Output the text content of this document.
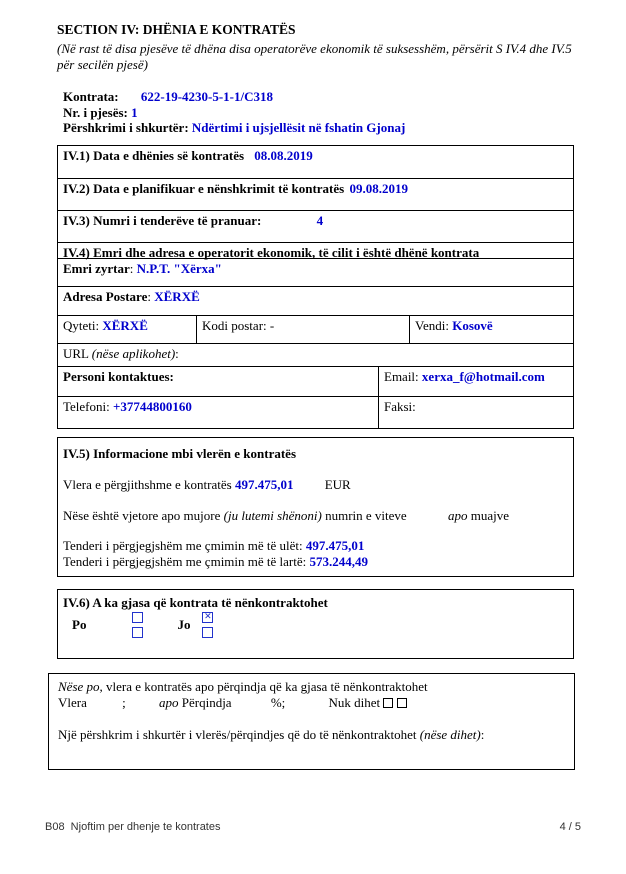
SECTION IV: DHËNIA E KONTRATËS
(Në rast të disa pjesëve të dhëna disa operatorëve ekonomik të suksesshëm, përsërit S IV.4 dhe IV.5 për secilën pjesë)
Kontrata: 622-19-4230-5-1-1/C318
Nr. i pjesës: 1
Përshkrimi i shkurtër: Ndërtimi i ujsjellësit në fshatin Gjonaj
IV.1) Data e dhënies së kontratës 08.08.2019
IV.2) Data e planifikuar e nënshkrimit të kontratës 09.08.2019
IV.3) Numri i tenderëve të pranuar:	4
IV.4) Emri dhe adresa e operatorit ekonomik, të cilit i është dhënë kontrata
Emri zyrtar: N.P.T. "Xërxa"
Adresa Postare: XËRXË
Qyteti: XËRXË	Kodi postar: -	Vendi: Kosovë
URL (nëse aplikohet):
Personi kontaktues:	Email: xerxa_f@hotmail.com
Telefoni: +37744800160	Faksi:
IV.5) Informacione mbi vlerën e kontratës
Vlera e përgjithshme e kontratës 497.475,01 EUR
Nëse është vjetore apo mujore (ju lutemi shënoni) numrin e viteve	apo muajve
Tenderi i përgjegjshëm me çmimin më të ulët: 497.475,01
Tenderi i përgjegjshëm me çmimin më të lartë: 573.244,49
IV.6) A ka gjasa që kontrata të nënkontraktohet
Po	Jo
✕
Nëse po, vlera e kontratës apo përqindja që ka gjasa të nënkontraktohet
Vlera	;	apo Përqindja	%;	Nuk dihet
Një përshkrim i shkurtër i vlerës/përqindjes që do të nënkontraktohet (nëse dihet):
B08  Njoftim per dhenje te kontrates	4 / 5
